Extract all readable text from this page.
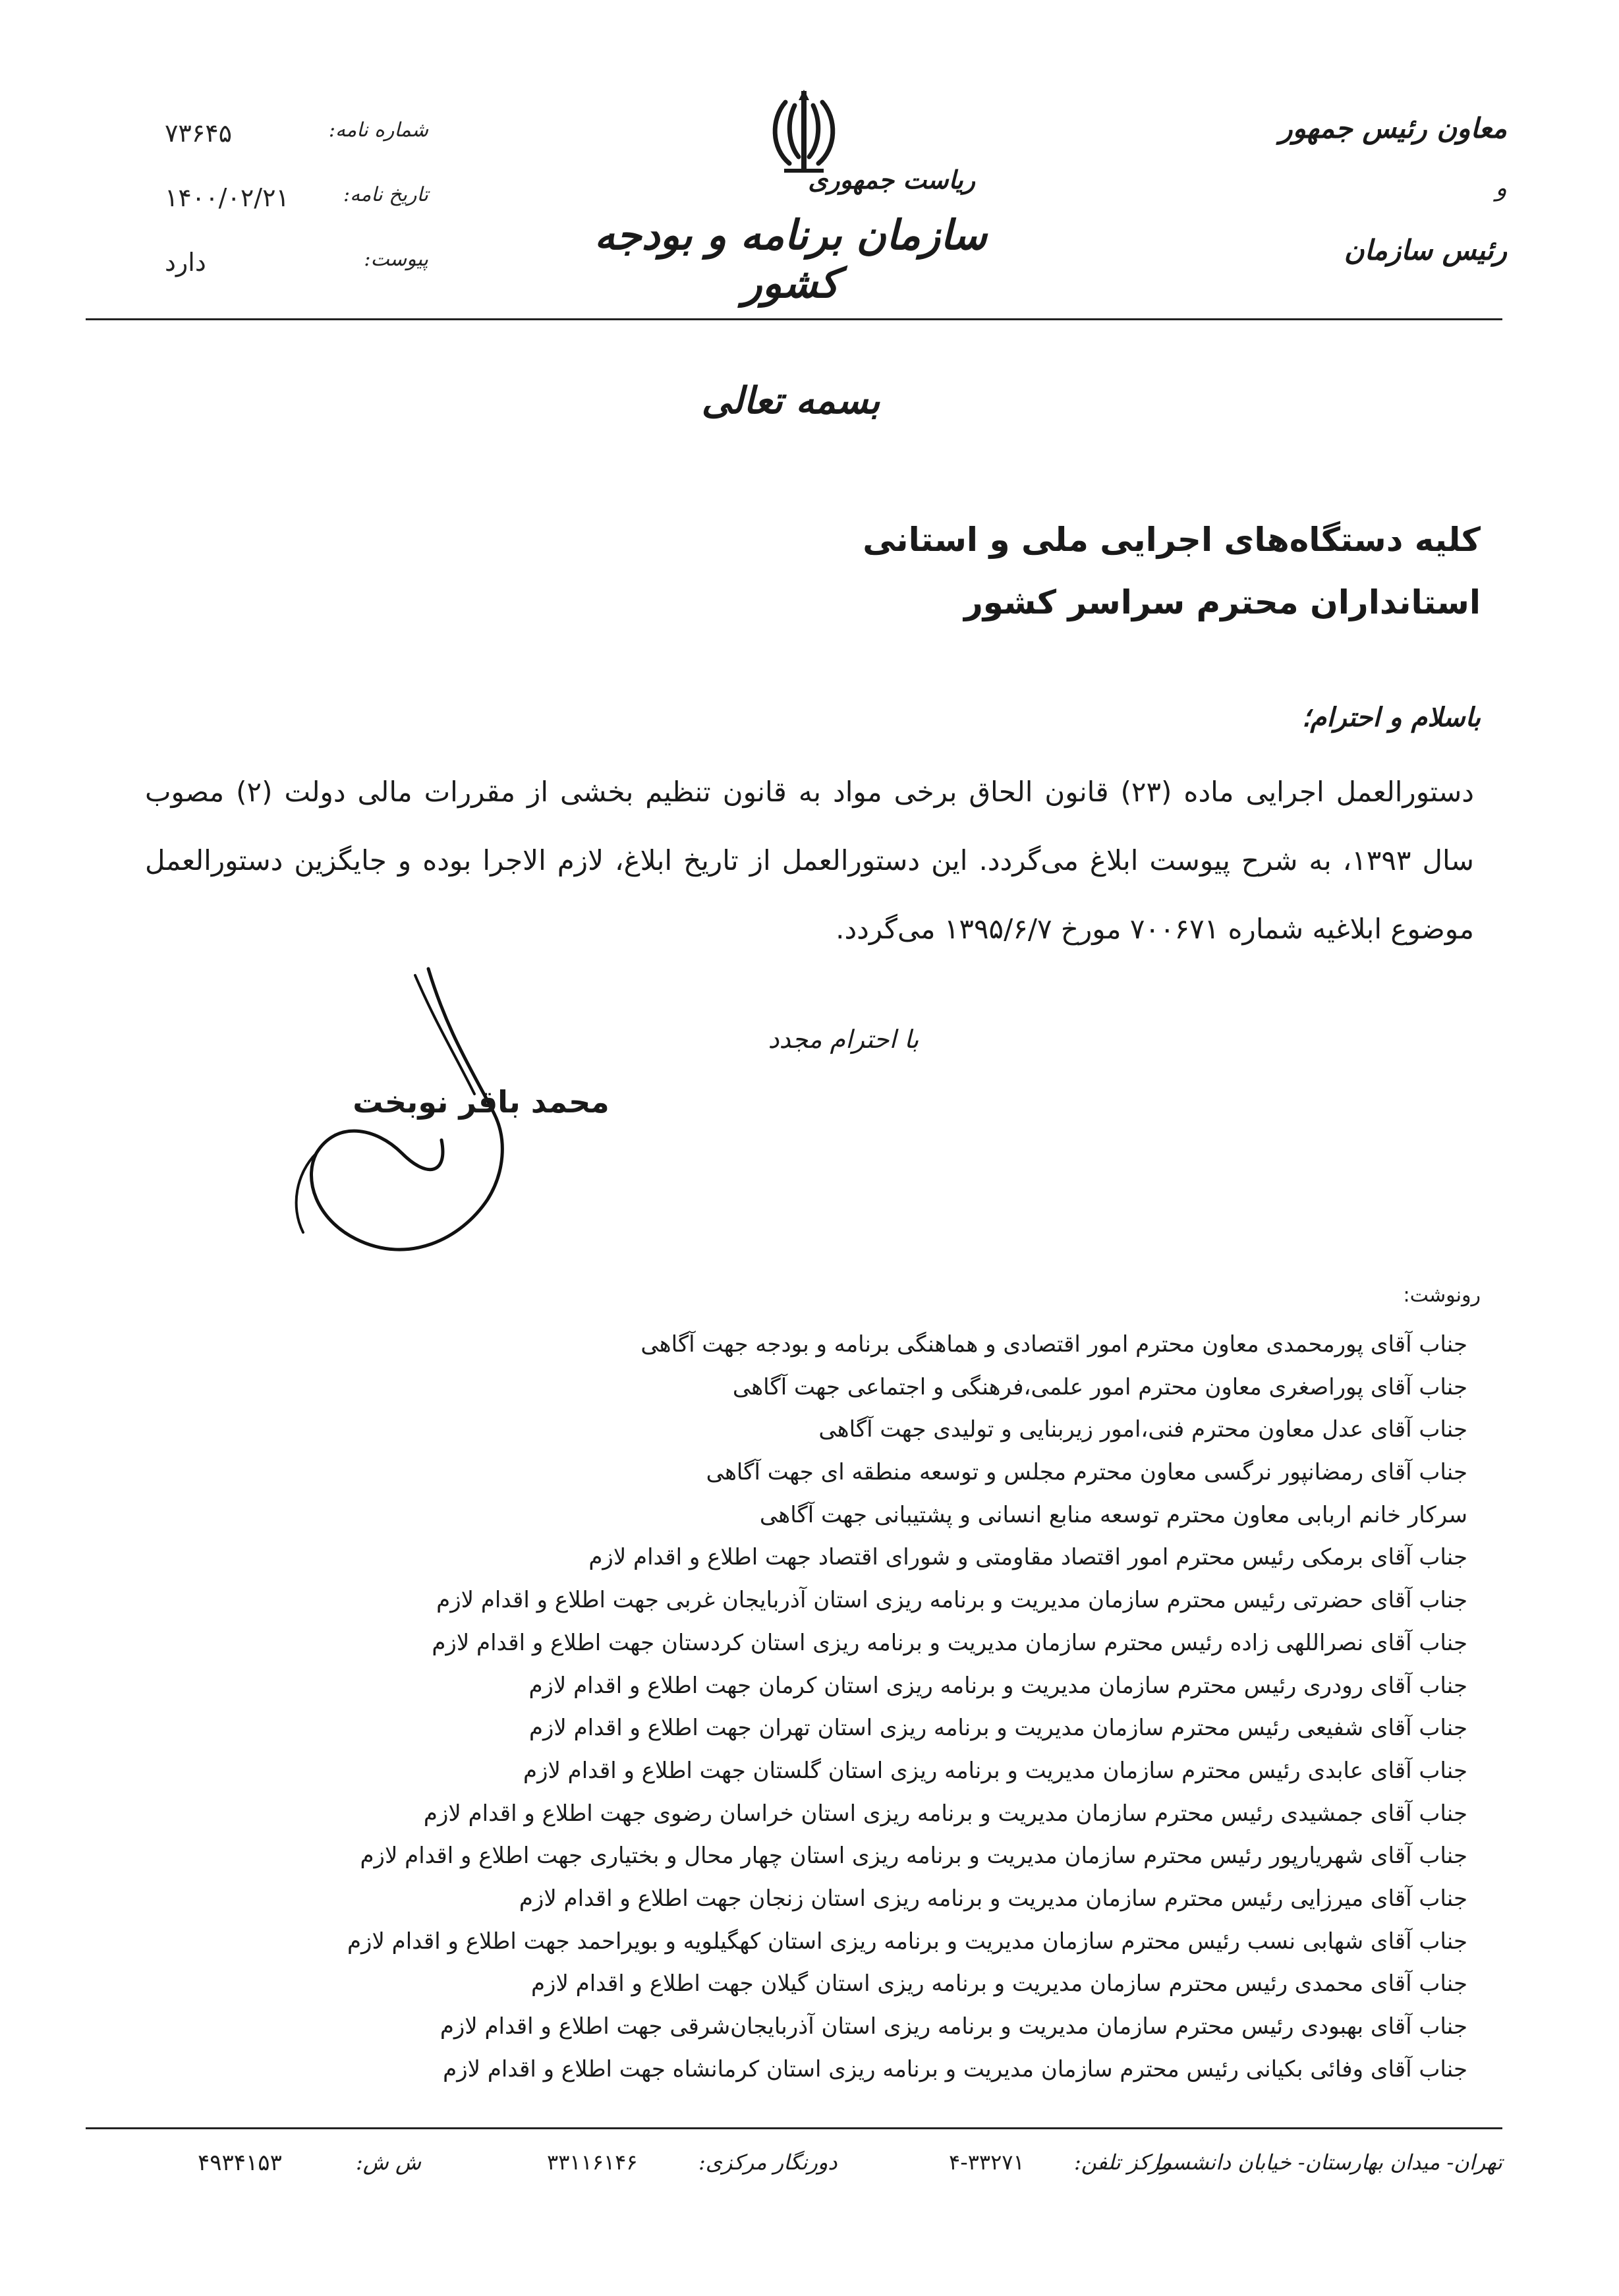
شماره نامه:
۷۳۶۴۵
تاریخ نامه:
۱۴۰۰/۰۲/۲۱
پیوست:
دارد
ریاست جمهوری
سازمان برنامه و بودجه کشور
معاون رئیس جمهور
و
رئیس سازمان
بسمه تعالی
کلیه دستگاه‌های اجرایی ملی و استانی
استانداران محترم سراسر کشور
باسلام و احترام؛
دستورالعمل اجرایی ماده (۲۳) قانون الحاق برخی مواد به قانون تنظیم بخشی از مقررات مالی دولت (۲) مصوب سال ۱۳۹۳، به شرح پیوست ابلاغ می‌گردد. این دستورالعمل از تاریخ ابلاغ، لازم الاجرا بوده و جایگزین دستورالعمل موضوع ابلاغیه شماره ۷۰۰۶۷۱ مورخ ۱۳۹۵/۶/۷ می‌گردد.
با احترام مجدد
محمد باقر نوبخت
رونوشت:
جناب آقای پورمحمدی معاون محترم امور اقتصادی و هماهنگی برنامه و بودجه جهت آگاهی
جناب آقای پوراصغری معاون محترم امور علمی،فرهنگی و اجتماعی جهت آگاهی
جناب آقای عدل معاون محترم فنی،امور زیربنایی و تولیدی جهت آگاهی
جناب آقای رمضانپور نرگسی معاون محترم مجلس و توسعه منطقه ای جهت آگاهی
سرکار خانم اربابی معاون محترم توسعه منابع انسانی و پشتیبانی جهت آگاهی
جناب آقای برمکی رئیس محترم امور اقتصاد مقاومتی و شورای اقتصاد جهت اطلاع و اقدام لازم
جناب آقای حضرتی رئیس محترم سازمان مدیریت و برنامه ریزی استان آذربایجان غربی جهت اطلاع و اقدام لازم
جناب آقای نصراللهی زاده رئیس محترم سازمان مدیریت و برنامه ریزی استان کردستان جهت اطلاع و اقدام لازم
جناب آقای رودری رئیس محترم سازمان مدیریت و برنامه ریزی استان کرمان جهت اطلاع و اقدام لازم
جناب آقای شفیعی رئیس محترم سازمان مدیریت و برنامه ریزی استان تهران جهت اطلاع و اقدام لازم
جناب آقای عابدی رئیس محترم سازمان مدیریت و برنامه ریزی استان گلستان جهت اطلاع و اقدام لازم
جناب آقای جمشیدی رئیس محترم سازمان مدیریت و برنامه ریزی استان خراسان رضوی جهت اطلاع و اقدام لازم
جناب آقای شهریارپور رئیس محترم سازمان مدیریت و برنامه ریزی استان چهار محال و بختیاری جهت اطلاع و اقدام لازم
جناب آقای میرزایی رئیس محترم سازمان مدیریت و برنامه ریزی استان زنجان جهت اطلاع و اقدام لازم
جناب آقای شهابی نسب رئیس محترم سازمان مدیریت و برنامه ریزی استان کهگیلویه و بویراحمد جهت اطلاع و اقدام لازم
جناب آقای محمدی رئیس محترم سازمان مدیریت و برنامه ریزی استان گیلان جهت اطلاع و اقدام لازم
جناب آقای بهبودی رئیس محترم سازمان مدیریت و برنامه ریزی استان آذربایجان‌شرقی جهت اطلاع و اقدام لازم
جناب آقای وفائی بکیانی رئیس محترم سازمان مدیریت و برنامه ریزی استان کرمانشاه جهت اطلاع و اقدام لازم
تهران- میدان بهارستان- خیابان دانشسرا
مرکز تلفن:
۴-۳۳۲۷۱
دورنگار مرکزی:
۳۳۱۱۶۱۴۶
ش ش:
۴۹۳۴۱۵۳
